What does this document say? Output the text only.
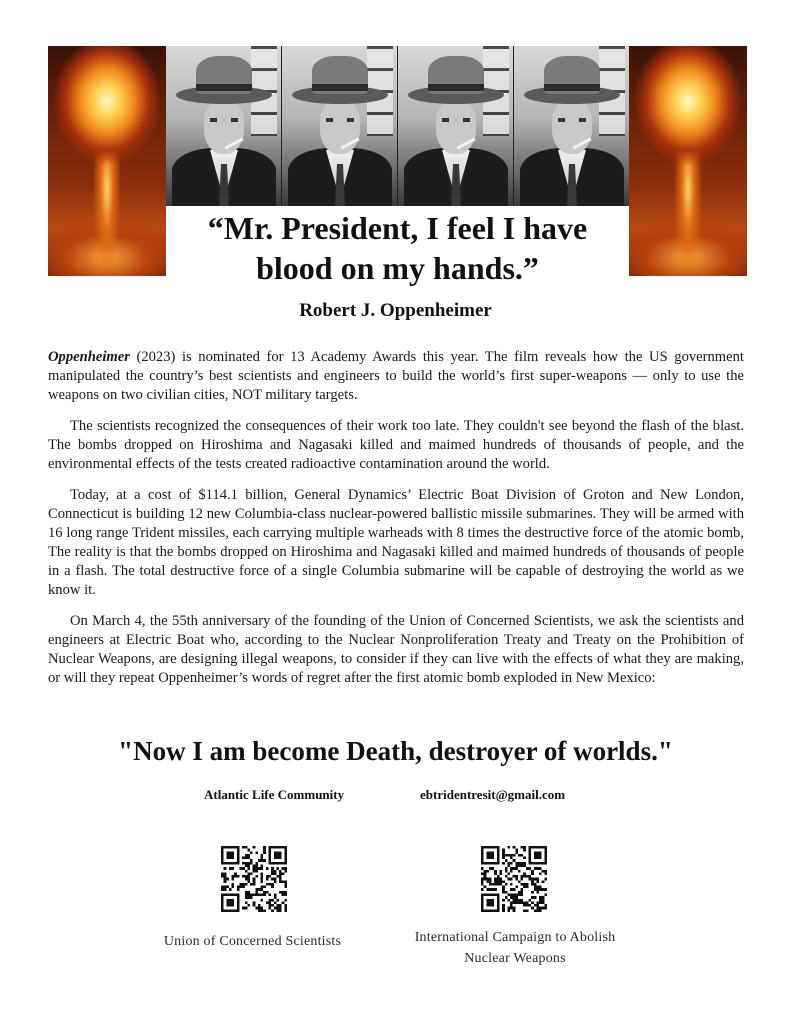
“Mr. President, I feel I have blood on my hands.”
Robert J. Oppenheimer

Oppenheimer (2023) is nominated for 13 Academy Awards this year. The film reveals how the US government manipulated the country’s best scientists and engineers to build the world’s first super-weapons — only to use the weapons on two civilian cities, NOT military targets.

The scientists recognized the consequences of their work too late. They couldn't see beyond the flash of the blast. The bombs dropped on Hiroshima and Nagasaki killed and maimed hundreds of thousands of people, and the environmental effects of the tests created radioactive contamination around the world.

Today, at a cost of $114.1 billion, General Dynamics’ Electric Boat Division of Groton and New London, Connecticut is building 12 new Columbia-class nuclear-powered ballistic missile submarines. They will be armed with 16 long range Trident missiles, each carrying multiple warheads with 8 times the destructive force of the atomic bomb, The reality is that the bombs dropped on Hiroshima and Nagasaki killed and maimed hundreds of thousands of people in a flash. The total destructive force of a single Columbia submarine will be capable of destroying the world as we know it.

On March 4, the 55th anniversary of the founding of the Union of Concerned Scientists, we ask the scientists and engineers at Electric Boat who, according to the Nuclear Nonproliferation Treaty and Treaty on the Prohibition of Nuclear Weapons, are designing illegal weapons, to consider if they can live with the effects of what they are making, or will they repeat Oppenheimer’s words of regret after the first atomic bomb exploded in New Mexico:

"Now I am become Death, destroyer of worlds."
Atlantic Life Community	ebtridentresit@gmail.com
Union of Concerned Scientists	International Campaign to Abolish Nuclear Weapons
